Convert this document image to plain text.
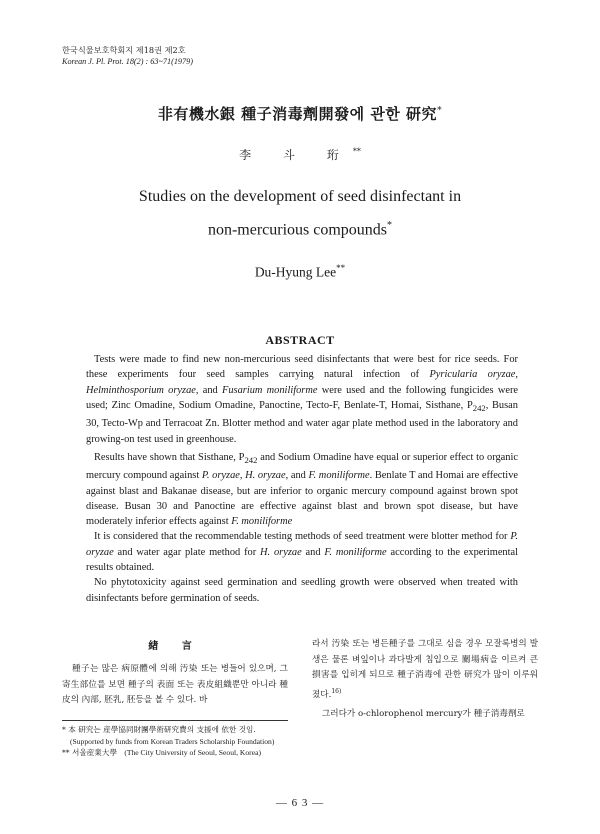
한국식물보호학회지 제18권 제2호
Korean J. Pl. Prot. 18(2) : 63~71(1979)
非有機水銀 種子消毒劑開發에 관한 研究*
李 斗 珩**
Studies on the development of seed disinfectant in
non-mercurious compounds*
Du-Hyung Lee**
ABSTRACT

Tests were made to find new non-mercurious seed disinfectants that were best for rice seeds. For these experiments four seed samples carrying natural infection of Pyricularia oryzae, Helminthosporium oryzae, and Fusarium moniliforme were used and the following fungicides were used; Zinc Omadine, Sodium Omadine, Panoctine, Tecto-F, Benlate-T, Homai, Sisthane, $P_{242}$, Busan 30, Tecto-Wp and Terracoat Zn. Blotter method and water agar plate method used in the laboratory and growing-on test used in greenhouse.

Results have shown that Sisthane, $P_{242}$ and Sodium Omadine have equal or superior effect to organic mercury compound against P. oryzae, H. oryzae, and F. moniliforme. Benlate T and Homai are effective against blast and Bakanae disease, but are inferior to organic mercury compound against brown spot disease. Busan 30 and Panoctine are effective against blast and brown spot disease, but have moderately inferior effects against F. moniliforme

It is considered that the recommendable testing methods of seed treatment were blotter method for P. oryzae and water agar plate method for H. oryzae and F. moniliforme according to the experimental results obtained.

No phytotoxicity against seed germination and seedling growth were observed when treated with disinfectants before germination of seeds.

緖 言

種子는 많은 病原體에 의해 汚染 또는 병들어 있으며, 그 寄生部位를 보면 種子의 表面 또는 表皮組織뿐만 아니라 種皮의 內部, 胚乳, 胚등을 볼 수 있다. 바

라서 汚染 또는 병든種子를 그대로 심을 경우 모잘록병의 발생은 물론 벼잎이나 과다발게 침입으로 關場病을 이르켜 큰 損害를 입히게 되므로 種子消毒에 관한 研究가 많이 이루워졌다.$^{16)}$

그러다가 o-chlorophenol mercury가 種子消毒劑로

* 本 研究는 産學協同財團學術研究費의 支援에 依한 것임.
(Supported by funds from Korean Traders Scholarship Foundation)
** 서울産業大學 (The City University of Seoul, Seoul, Korea)
— 6 3 —
